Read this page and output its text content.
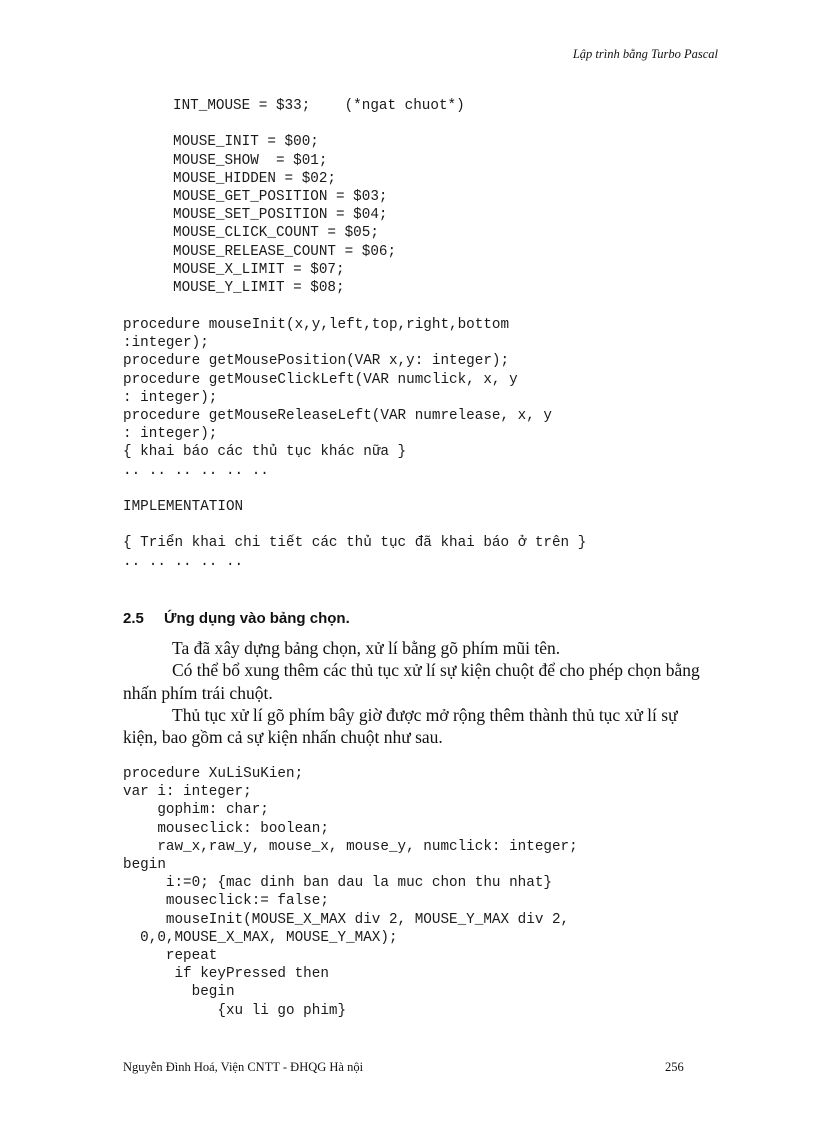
Lập trình bằng Turbo Pascal
INT_MOUSE = $33;    (*ngat chuot*)

MOUSE_INIT = $00;
MOUSE_SHOW  = $01;
MOUSE_HIDDEN = $02;
MOUSE_GET_POSITION = $03;
MOUSE_SET_POSITION = $04;
MOUSE_CLICK_COUNT = $05;
MOUSE_RELEASE_COUNT = $06;
MOUSE_X_LIMIT = $07;
MOUSE_Y_LIMIT = $08;
procedure mouseInit(x,y,left,top,right,bottom
:integer);
procedure getMousePosition(VAR x,y: integer);
procedure getMouseClickLeft(VAR numclick, x, y
: integer);
procedure getMouseReleaseLeft(VAR numrelease, x, y
: integer);
{ khai báo các thủ tục khác nữa }
.. .. .. .. .. ..

IMPLEMENTATION

{ Triển khai chi tiết các thủ tục đã khai báo ở trên }
.. .. .. .. ..
2.5 Ứng dụng vào bảng chọn.

Ta đã xây dựng bảng chọn, xử lí bằng gõ phím mũi tên.

Có thể bổ xung thêm các thủ tục xử lí sự kiện chuột để cho phép chọn bằng nhấn phím trái chuột.

Thủ tục xử lí gõ phím bây giờ được mở rộng thêm thành thủ tục xử lí sự kiện, bao gồm cả sự kiện nhấn chuột như sau.

procedure XuLiSuKien;
var i: integer;
gophim: char;
mouseclick: boolean;
raw_x,raw_y, mouse_x, mouse_y, numclick: integer;
begin
i:=0; {mac dinh ban dau la muc chon thu nhat}
mouseclick:= false;
mouseInit(MOUSE_X_MAX div 2, MOUSE_Y_MAX div 2,
0,0,MOUSE_X_MAX, MOUSE_Y_MAX);
repeat
if keyPressed then
begin
{xu li go phim}
Nguyễn Đình Hoá, Viện CNTT - ĐHQG Hà nội	256
